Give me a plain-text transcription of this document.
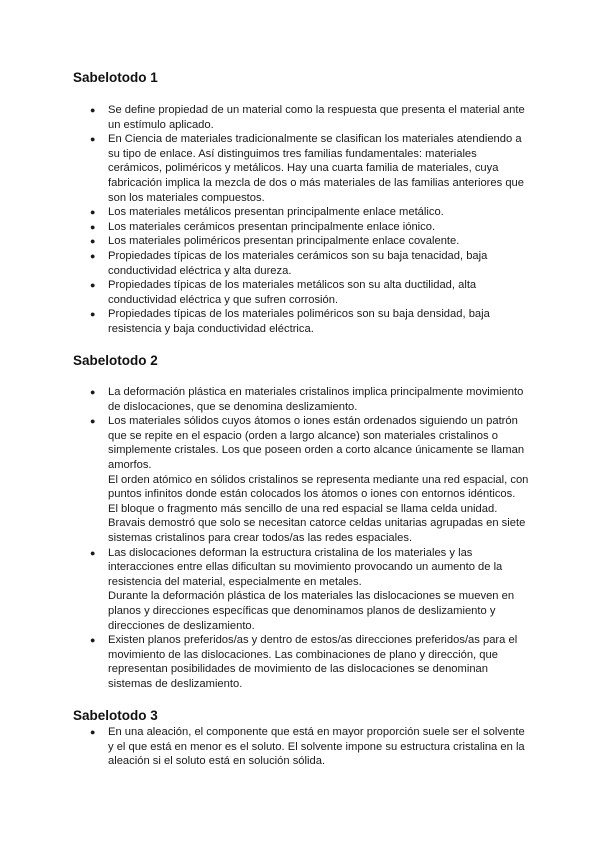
Sabelotodo 1
● Se define propiedad de un material como la respuesta que presenta el material ante
un estímulo aplicado.
● En Ciencia de materiales tradicionalmente se clasifican los materiales atendiendo a
su tipo de enlace. Así distinguimos tres familias fundamentales: materiales
cerámicos, poliméricos y metálicos. Hay una cuarta familia de materiales, cuya
fabricación implica la mezcla de dos o más materiales de las familias anteriores que
son los materiales compuestos.
● Los materiales metálicos presentan principalmente enlace metálico.
● Los materiales cerámicos presentan principalmente enlace iónico.
● Los materiales poliméricos presentan principalmente enlace covalente.
● Propiedades típicas de los materiales cerámicos son su baja tenacidad, baja
conductividad eléctrica y alta dureza.
● Propiedades típicas de los materiales metálicos son su alta ductilidad, alta
conductividad eléctrica y que sufren corrosión.
● Propiedades típicas de los materiales poliméricos son su baja densidad, baja
resistencia y baja conductividad eléctrica.
Sabelotodo 2
● La deformación plástica en materiales cristalinos implica principalmente movimiento
de dislocaciones, que se denomina deslizamiento.
● Los materiales sólidos cuyos átomos o iones están ordenados siguiendo un patrón
que se repite en el espacio (orden a largo alcance) son materiales cristalinos o
simplemente cristales. Los que poseen orden a corto alcance únicamente se llaman
amorfos.
El orden atómico en sólidos cristalinos se representa mediante una red espacial, con
puntos infinitos donde están colocados los átomos o iones con entornos idénticos.
El bloque o fragmento más sencillo de una red espacial se llama celda unidad.
Bravais demostró que solo se necesitan catorce celdas unitarias agrupadas en siete
sistemas cristalinos para crear todos/as las redes espaciales.
● Las dislocaciones deforman la estructura cristalina de los materiales y las
interacciones entre ellas dificultan su movimiento provocando un aumento de la
resistencia del material, especialmente en metales.
Durante la deformación plástica de los materiales las dislocaciones se mueven en
planos y direcciones específicas que denominamos planos de deslizamiento y
direcciones de deslizamiento.
● Existen planos preferidos/as y dentro de estos/as direcciones preferidos/as para el
movimiento de las dislocaciones. Las combinaciones de plano y dirección, que
representan posibilidades de movimiento de las dislocaciones se denominan
sistemas de deslizamiento.
Sabelotodo 3
● En una aleación, el componente que está en mayor proporción suele ser el solvente
y el que está en menor es el soluto. El solvente impone su estructura cristalina en la
aleación si el soluto está en solución sólida.
